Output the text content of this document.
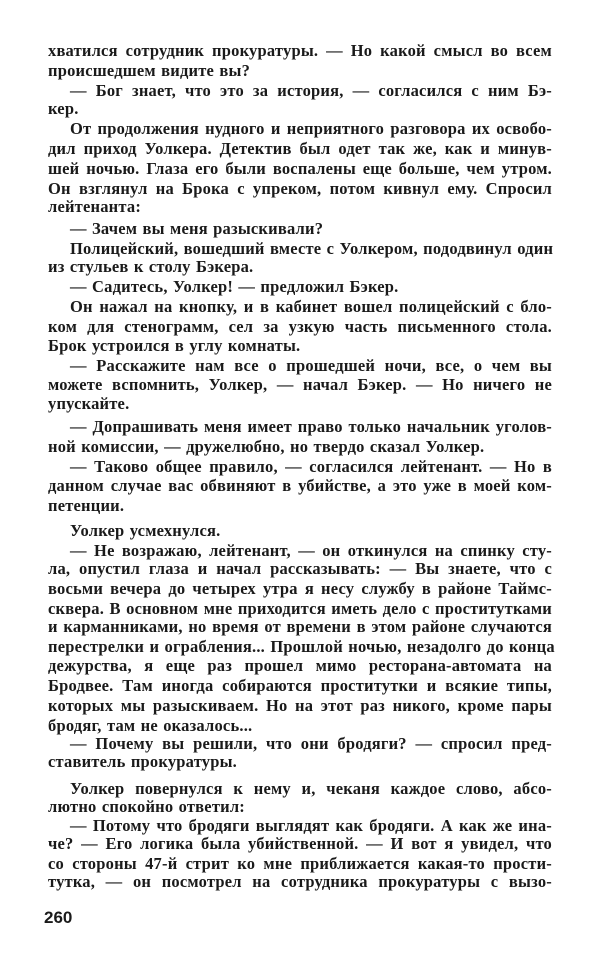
хватился сотрудник прокуратуры. — Но какой смысл во всем
происшедшем видите вы?
— Бог знает, что это за история, — согласился с ним Бэ-
кер.
От продолжения нудного и неприятного разговора их освобо-
дил приход Уолкера. Детектив был одет так же, как и минув-
шей ночью. Глаза его были воспалены еще больше, чем утром.
Он взглянул на Брока с упреком, потом кивнул ему. Спросил
лейтенанта:
— Зачем вы меня разыскивали?
Полицейский, вошедший вместе с Уолкером, пододвинул один
из стульев к столу Бэкера.
— Садитесь, Уолкер! — предложил Бэкер.
Он нажал на кнопку, и в кабинет вошел полицейский с бло-
ком для стенограмм, сел за узкую часть письменного стола.
Брок устроился в углу комнаты.
— Расскажите нам все о прошедшей ночи, все, о чем вы
можете вспомнить, Уолкер, — начал Бэкер. — Но ничего не
упускайте.
— Допрашивать меня имеет право только начальник уголов-
ной комиссии, — дружелюбно, но твердо сказал Уолкер.
— Таково общее правило, — согласился лейтенант. — Но в
данном случае вас обвиняют в убийстве, а это уже в моей ком-
петенции.
Уолкер усмехнулся.
— Не возражаю, лейтенант, — он откинулся на спинку сту-
ла, опустил глаза и начал рассказывать: — Вы знаете, что с
восьми вечера до четырех утра я несу службу в районе Таймс-
сквера. В основном мне приходится иметь дело с проститутками
и карманниками, но время от времени в этом районе случаются
перестрелки и ограбления... Прошлой ночью, незадолго до конца
дежурства, я еще раз прошел мимо ресторана-автомата на
Бродвее. Там иногда собираются проститутки и всякие типы,
которых мы разыскиваем. Но на этот раз никого, кроме пары
бродяг, там не оказалось...
— Почему вы решили, что они бродяги? — спросил пред-
ставитель прокуратуры.
Уолкер повернулся к нему и, чеканя каждое слово, абсо-
лютно спокойно ответил:
— Потому что бродяги выглядят как бродяги. А как же ина-
че? — Его логика была убийственной. — И вот я увидел, что
со стороны 47-й стрит ко мне приближается какая-то прости-
тутка, — он посмотрел на сотрудника прокуратуры с вызо-
260
